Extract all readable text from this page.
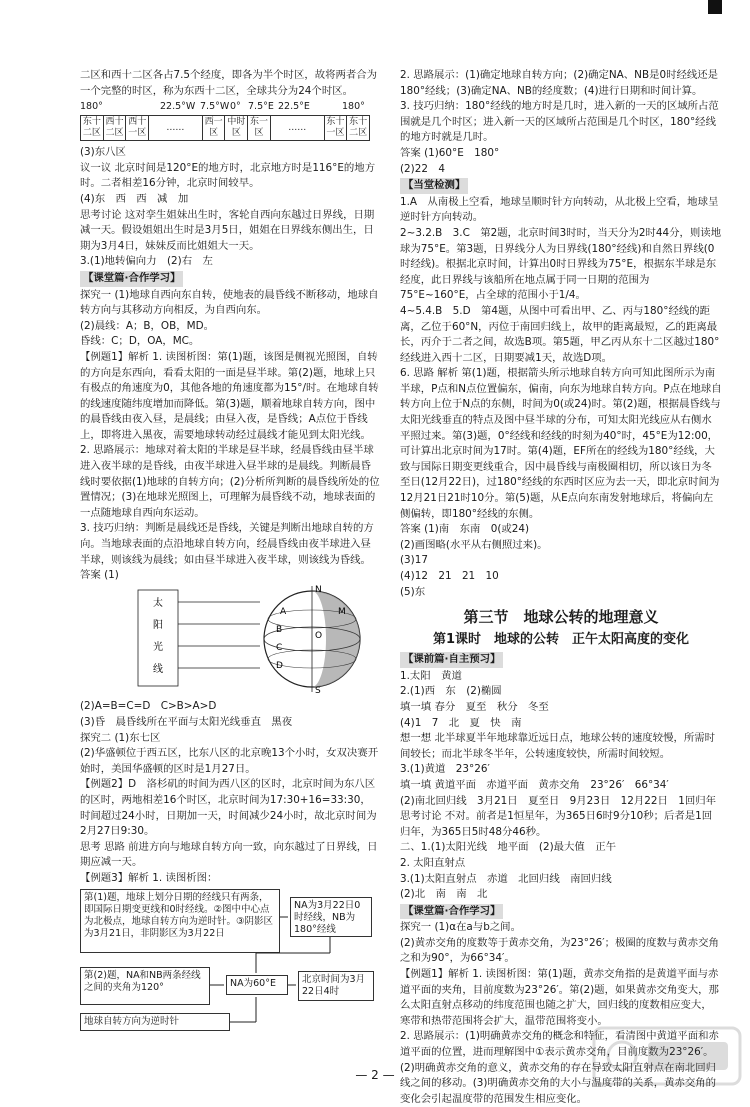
二区和西十二区各占7.5个经度，即各为半个时区，故将两者合为一个完整的时区，称为东西十二区，全球共分为24个时区。

180°	22.5°W 7.5°W 0° 7.5°E 22.5°E	180°
东十二区	西十二区	西十一区	……	西一区	中时区	东一区	……	东十一区	东十二区

(3)东八区

议一议 北京时间是120°E的地方时，北京地方时是116°E的地方时。二者相差16分钟，北京时间较早。

(4)东　西　西　减　加

思考讨论 这对孪生姐妹出生时，客轮自西向东越过日界线，日期减一天。假设姐姐出生时是3月5日，姐姐在日界线东侧出生，日期为3月4日，妹妹反而比姐姐大一天。

3.(1)地转偏向力　(2)右　左

【课堂篇·合作学习】

探究一 (1)地球自西向东自转，使地表的晨昏线不断移动，地球自转方向与其移动方向相反，为自西向东。

(2)晨线：A；B，OB，MD。

昏线：C；D，OA，MC。

【例题1】解析 1. 读图析图：第(1)题，该图是侧视光照图，自转的方向是东西向，看看太阳的一面是昼半球。第(2)题，地球上只有极点的角速度为0，其他各地的角速度都为15°/时。在地球自转的线速度随纬度增加而降低。第(3)题，顺着地球自转方向，图中的晨昏线由夜入昼，是晨线；由昼入夜，是昏线；A点位于昏线上，即将进入黑夜，需要地球转动经过晨线才能见到太阳光线。

2. 思路展示：地球对着太阳的半球是昼半球，经晨昏线由昼半球进入夜半球的是昏线，由夜半球进入昼半球的是晨线。判断晨昏线时要依据(1)地球的自转方向；(2)分析所判断的晨昏线所处的位置情况；(3)在地球光照图上，可理解为晨昏线不动，地球表面的一点随地球自西向东运动。

3. 技巧归纳：判断是晨线还是昏线，关键是判断出地球自转的方向。当地球表面的点沿地球自转方向，经晨昏线由夜半球进入昼半球，则该线为晨线；如由昼半球进入夜半球，则该线为昏线。

答案 (1)

太
阳
光
线
A
B
C
D
M
O
N
S

(2)A=B=C=D　C>B>A>D

(3)昏　晨昏线所在平面与太阳光线垂直　黑夜

探究二 (1)东七区

(2)华盛顿位于西五区，比东八区的北京晚13个小时，女双决赛开始时，美国华盛顿的区时是1月27日。

【例题2】D　洛杉矶的时间为西八区的区时，北京时间为东八区的区时，两地相差16个时区，北京时间为17:30+16=33:30，时间超过24小时，日期加一天，时间减少24小时，故北京时间为2月27日9:30。

思考 思路 前进方向与地球自转方向一致，向东越过了日界线，日期应减一天。

【例题3】解析 1. 读图析图：

第(1)题，地球上划分日期的经线只有两条，即国际日期变更线和0时经线。②图中中心点为北极点，地球自转方向为逆时针。③阴影区为3月21日，非阴影区为3月22日
NA为3月22日0时经线，NB为180°经线
第(2)题，NA和NB两条经线之间的夹角为120°	NA为60°E	北京时间为3月22日4时
地球自转方向为逆时针

2. 思路展示：(1)确定地球自转方向；(2)确定NA、NB是0时经线还是180°经线；(3)确定NA、NB的经度数；(4)进行日期和时间计算。

3. 技巧归纳：180°经线的地方时是几时，进入新的一天的区域所占范围就是几个时区；进入新一天的区域所占范围是几个时区，180°经线的地方时就是几时。

答案 (1)60°E　180°

(2)22　4

【当堂检测】

1.A　从南极上空看，地球呈顺时针方向转动，从北极上空看，地球呈逆时针方向转动。

2~3.2.B　3.C　第2题，北京时间3时时，当天分为2时44分，则读地球为75°E。第3题，日界线分人为日界线(180°经线)和自然日界线(0时经线)。根据北京时间，计算出0时日界线为75°E，根据东半球是东经度，此日界线与该船所在地点属于同一日期的范围为75°E~160°E，占全球的范围小于1/4。

4~5.4.B　5.D　第4题，从图中可看出甲、乙、丙与180°经线的距离，乙位于60°N，丙位于南回归线上，故甲的距离最短，乙的距离最长，丙介于二者之间，故选B项。第5题，甲乙丙从东十二区越过180°经线进入西十二区，日期要减1天，故选D项。

6. 思路 解析 第(1)题，根据箭头所示地球自转方向可知此图所示为南半球，P点和N点位置偏东，偏南，向东为地球自转方向。P点在地球自转方向上位于N点的东侧，时间为0(或24)时。第(2)题，根据晨昏线与太阳光线垂直的特点及图中昼半球的分布，可知太阳光线应从右侧水平照过来。第(3)题，0°经线和经线的时刻为40°时，45°E为12:00，可计算出北京时间为17时。第(4)题，EF所在的经线为180°经线，大致与国际日期变更线重合，因中晨昏线与南极圈相切，所以该日为冬至日(12月22日)，过180°经线的东西时区应为去一天，即北京时间为12月21日21时10分。第(5)题，从E点向东南发射地球后，将偏向左侧偏转，即180°经线的东侧。

答案 (1)南　东南　0(或24)

(2)画图略(水平从右侧照过来)。

(3)17

(4)12　21　21　10

(5)东

第三节　地球公转的地理意义
第1课时　地球的公转　正午太阳高度的变化
【课前篇·自主预习】

1.太阳　黄道

2.(1)西　东　(2)椭圆

填一填 春分　夏至　秋分　冬至

(4)1　7　北　夏　快　南

想一想 北半球夏半年地球靠近远日点，地球公转的速度较慢，所需时间较长；而北半球冬半年，公转速度较快，所需时间较短。

3.(1)黄道　23°26′

填一填 黄道平面　赤道平面　黄赤交角　23°26′　66°34′

(2)南北回归线　3月21日　夏至日　9月23日　12月22日　1回归年

思考讨论 不对。前者是1恒星年，为365日6时9分10秒；后者是1回归年，为365日5时48分46秒。

二、1.(1)太阳光线　地平面　(2)最大值　正午

2. 太阳直射点

3.(1)太阳直射点　赤道　北回归线　南回归线

(2)北　南　南　北

【课堂篇·合作学习】

探究一 (1)α在a与b之间。

(2)黄赤交角的度数等于黄赤交角，为23°26′；极圈的度数与黄赤交角之和为90°，为66°34′。

【例题1】解析 1. 读图析图：第(1)题，黄赤交角指的是黄道平面与赤道平面的夹角，目前度数为23°26′。第(2)题，如果黄赤交角变大，那么太阳直射点移动的纬度范围也随之扩大，回归线的度数相应变大，寒带和热带范围将会扩大，温带范围将变小。

2. 思路展示：(1)明确黄赤交角的概念和特征，看清图中黄道平面和赤道平面的位置，进而理解图中①表示黄赤交角，目前度数为23°26′。(2)明确黄赤交角的意义，黄赤交角的存在导致太阳直射点在南北回归线之间的移动。(3)明确黄赤交角的大小与温度带的关系，黄赤交角的变化会引起温度带的范围发生相应变化。

— 2 —
